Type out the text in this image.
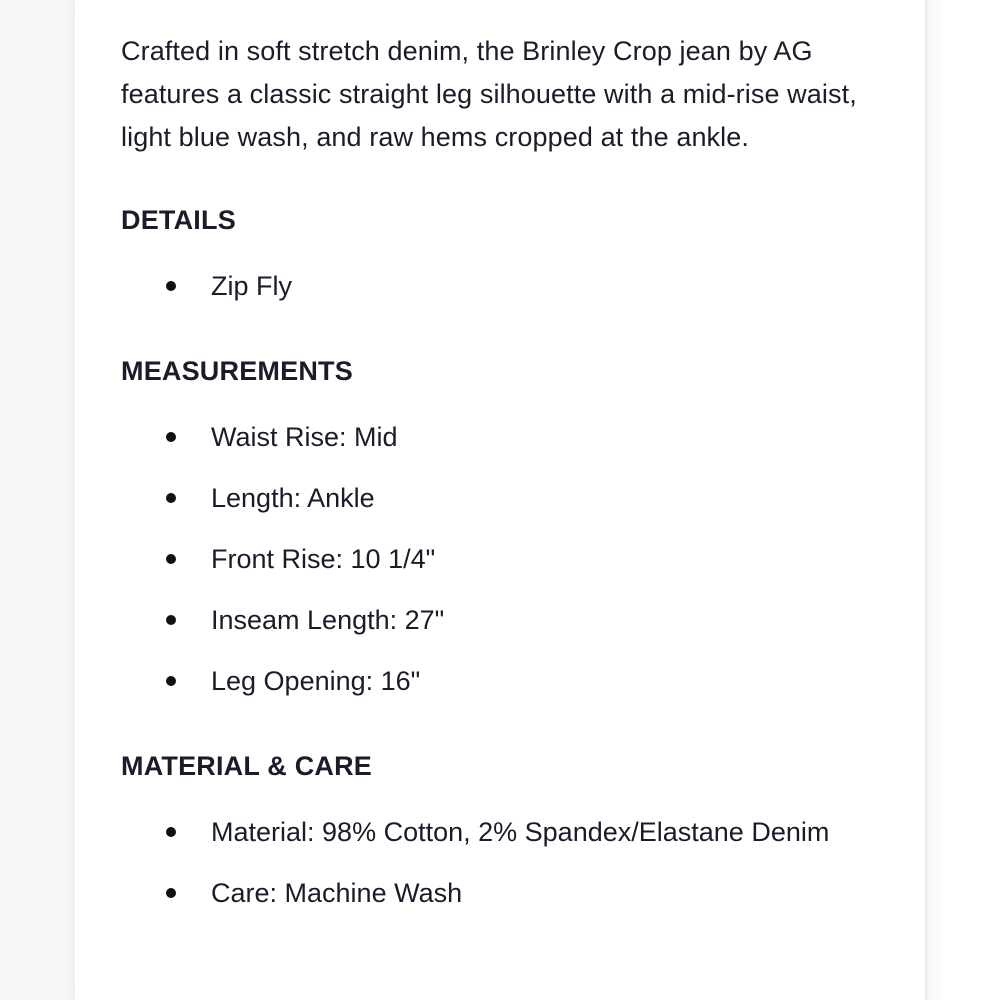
Crafted in soft stretch denim, the Brinley Crop jean by AG features a classic straight leg silhouette with a mid-rise waist, light blue wash, and raw hems cropped at the ankle.

DETAILS
Zip Fly
MEASUREMENTS
Waist Rise: Mid
Length: Ankle
Front Rise: 10 1/4"
Inseam Length: 27"
Leg Opening: 16"
MATERIAL & CARE
Material: 98% Cotton, 2% Spandex/Elastane Denim
Care: Machine Wash
